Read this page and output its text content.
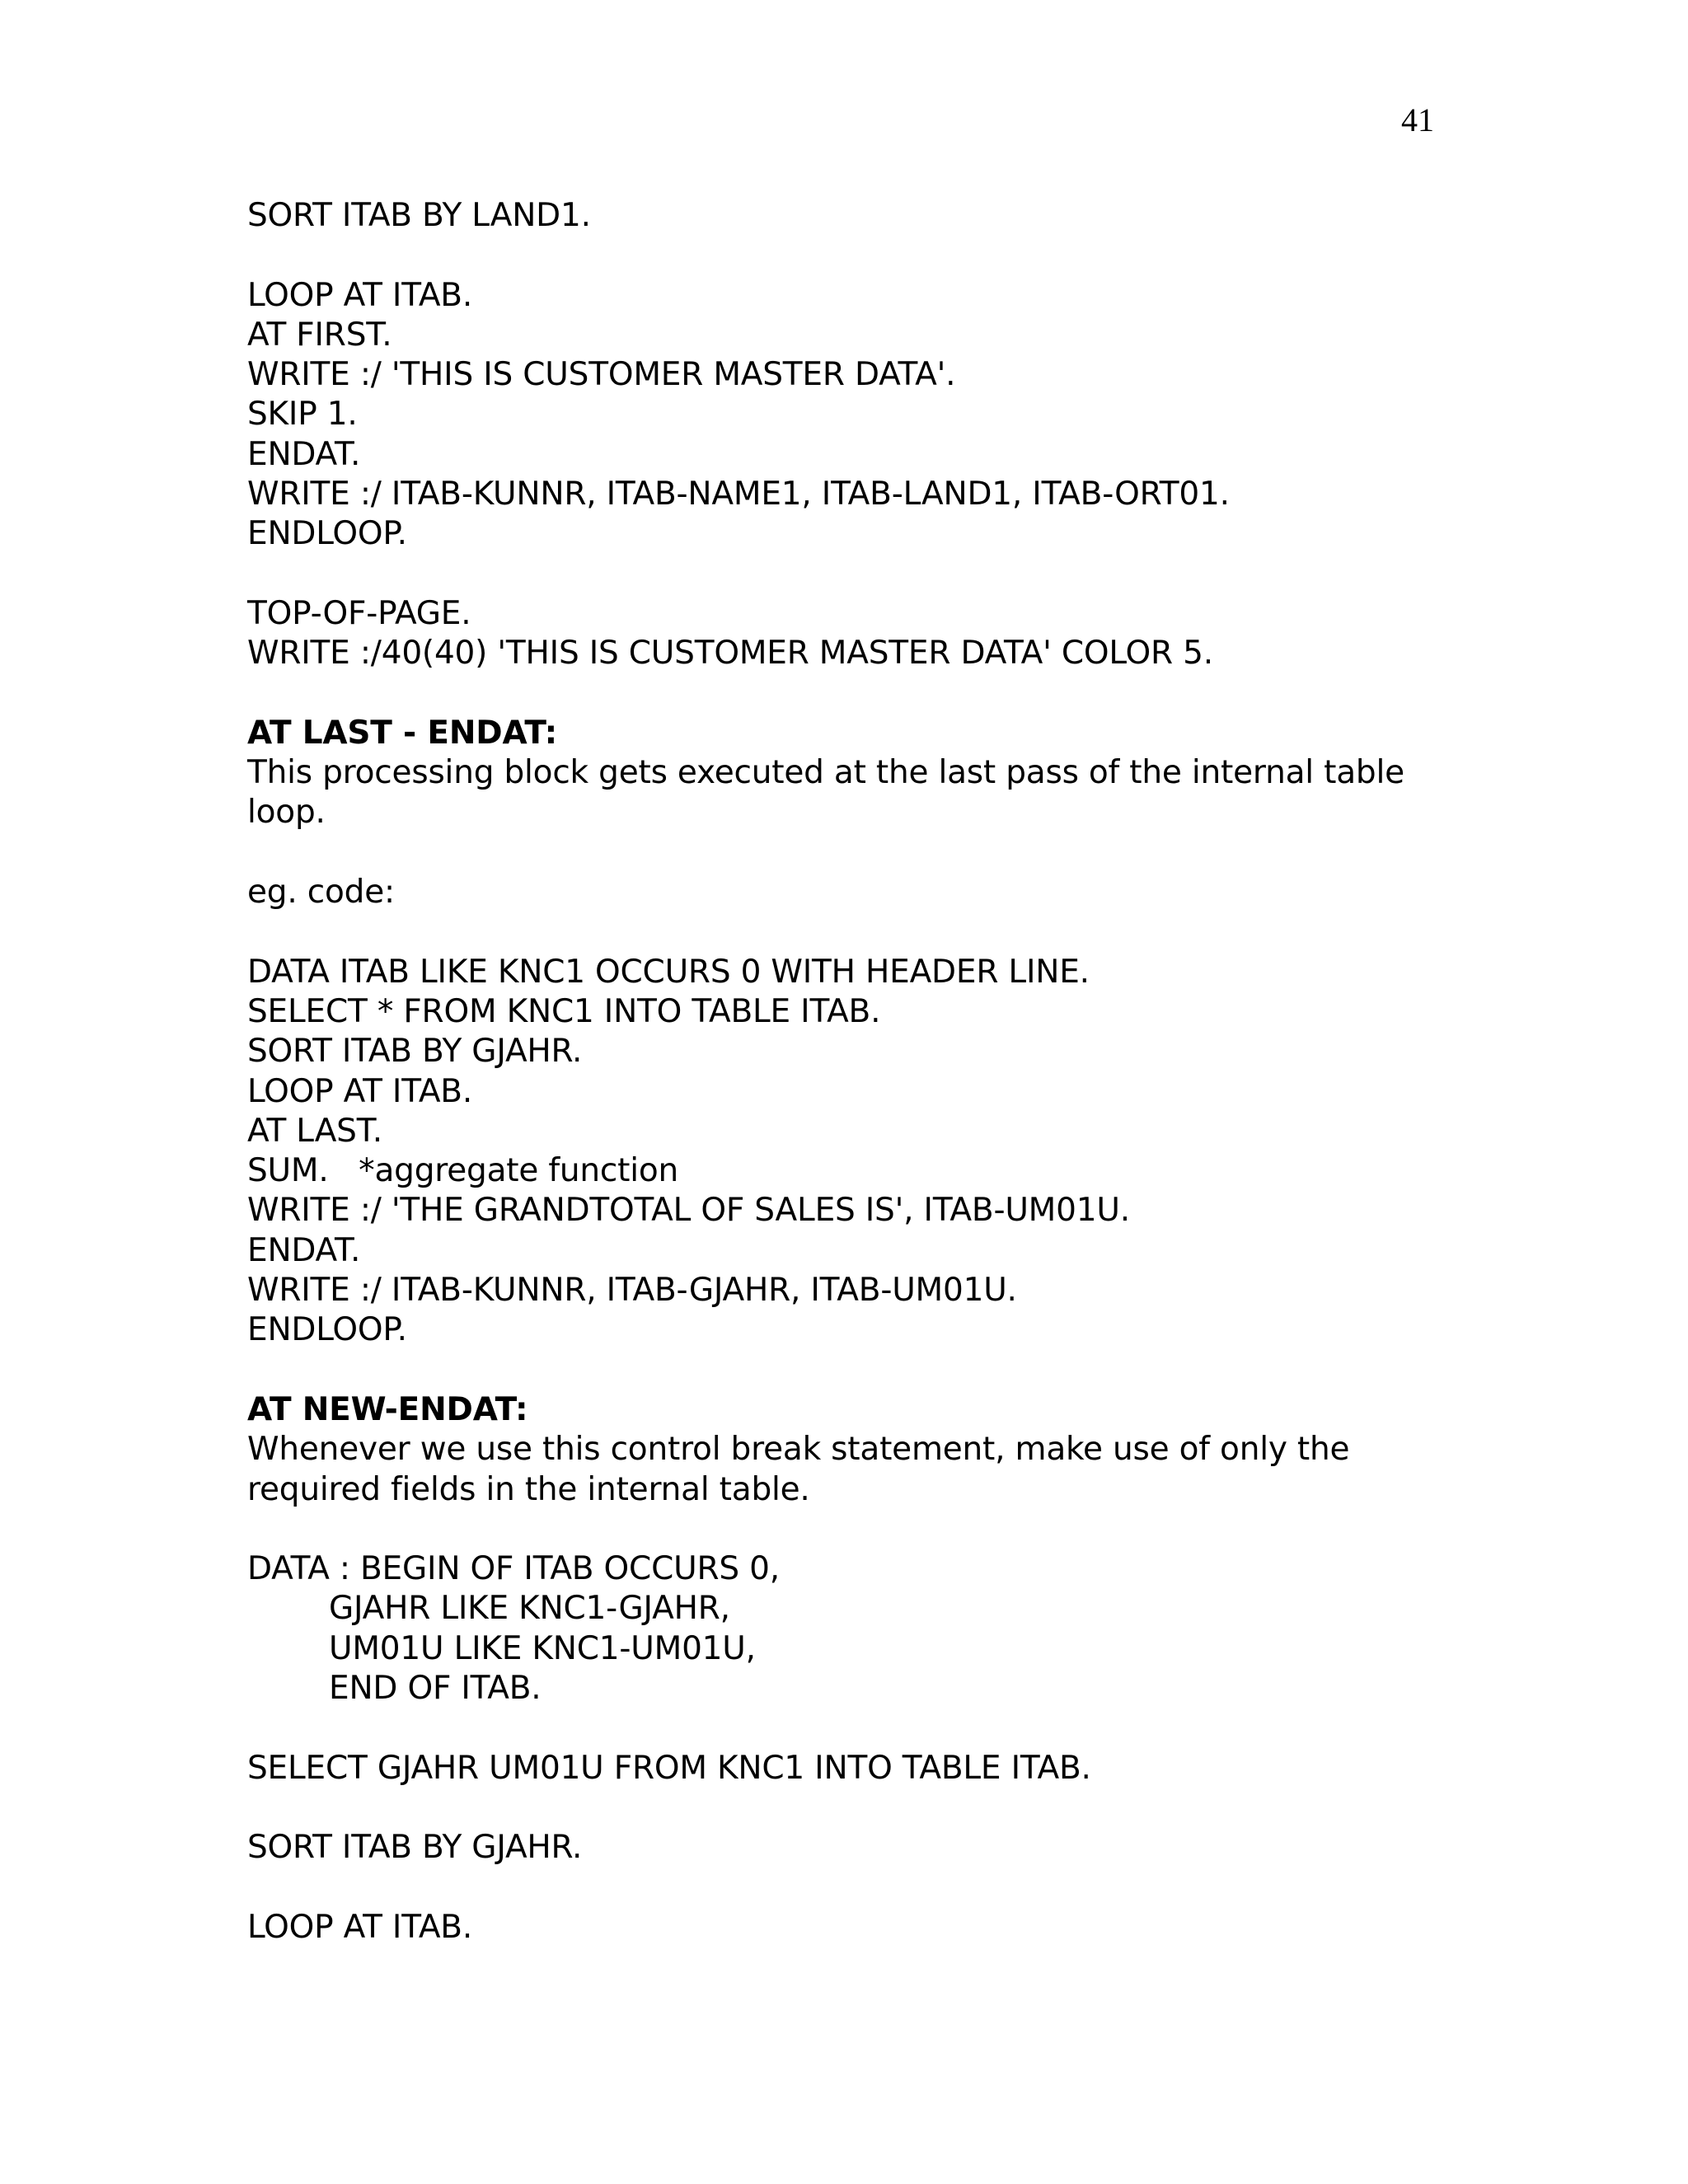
41
SORT ITAB BY LAND1.
LOOP AT ITAB.
AT FIRST.
WRITE :/ 'THIS IS CUSTOMER MASTER DATA'.
SKIP 1.
ENDAT.
WRITE :/ ITAB-KUNNR, ITAB-NAME1, ITAB-LAND1, ITAB-ORT01.
ENDLOOP.
TOP-OF-PAGE.
WRITE :/40(40) 'THIS IS CUSTOMER MASTER DATA' COLOR 5.
AT LAST - ENDAT:
This processing block gets executed at the last pass of the internal table
loop.
eg. code:
DATA ITAB LIKE KNC1 OCCURS 0 WITH HEADER LINE.
SELECT * FROM KNC1 INTO TABLE ITAB.
SORT ITAB BY GJAHR.
LOOP AT ITAB.
AT LAST.
SUM.   *aggregate function
WRITE :/ 'THE GRANDTOTAL OF SALES IS', ITAB-UM01U.
ENDAT.
WRITE :/ ITAB-KUNNR, ITAB-GJAHR, ITAB-UM01U.
ENDLOOP.
AT NEW-ENDAT:
Whenever we use this control break statement, make use of only the
required fields in the internal table.
DATA : BEGIN OF ITAB OCCURS 0,
GJAHR LIKE KNC1-GJAHR,
UM01U LIKE KNC1-UM01U,
END OF ITAB.
SELECT GJAHR UM01U FROM KNC1 INTO TABLE ITAB.
SORT ITAB BY GJAHR.
LOOP AT ITAB.
